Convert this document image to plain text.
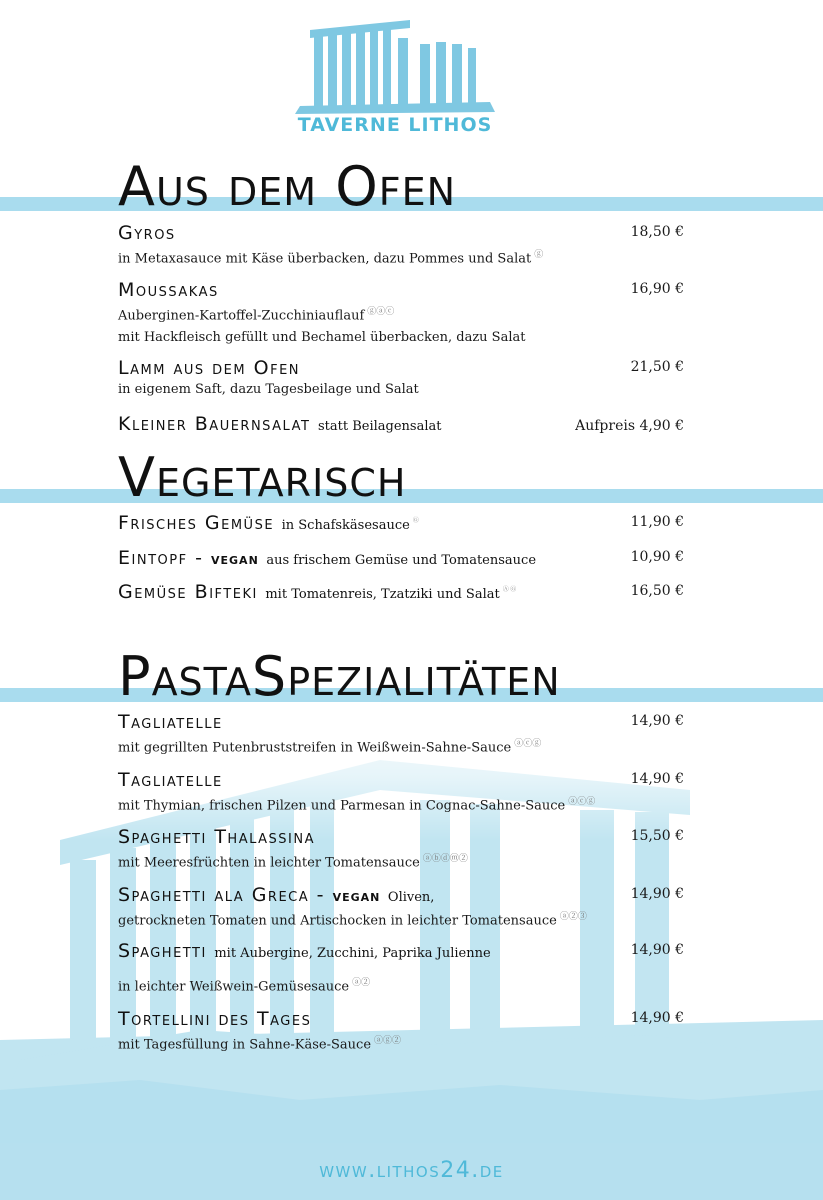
TAVERNE LITHOS
Aus dem Ofen
Gyros
in Metaxasauce mit Käse überbacken, dazu Pommes und Salat ⓖ
18,50 €
Moussakas
Auberginen-Kartoffel-Zucchiniauflauf ⓖⓐⓒ
mit Hackfleisch gefüllt und Bechamel überbacken, dazu Salat
16,90 €
Lamm aus dem Ofen
in eigenem Saft, dazu Tagesbeilage und Salat
21,50 €
Kleiner Bauernsalat statt Beilagensalat	Aufpreis 4,90 €
Vegetarisch
Frisches Gemüse in Schafskäsesauce ⓖ	11,90 €
Eintopf - vegan aus frischem Gemüse und Tomatensauce	10,90 €
Gemüse Bifteki mit Tomatenreis, Tzatziki und Salat ⓐⓖ	16,50 €
PastaSpezialitäten
Tagliatelle
mit gegrillten Putenbruststreifen in Weißwein-Sahne-Sauce ⓐⓒⓖ
14,90 €
Tagliatelle
mit Thymian, frischen Pilzen und Parmesan in Cognac-Sahne-Sauce ⓐⓒⓖ
14,90 €
Spaghetti Thalassina
mit Meeresfrüchten in leichter Tomatensauce ⓐⓑⓓⓜ②
15,50 €
Spaghetti ala Greca - vegan Oliven,
getrockneten Tomaten und Artischocken in leichter Tomatensauce ⓐ②③
14,90 €
Spaghetti mit Aubergine, Zucchini, Paprika Julienne
in leichter Weißwein-Gemüsesauce ⓐ②
14,90 €
Tortellini des Tages
mit Tagesfüllung in Sahne-Käse-Sauce ⓐⓖ②
14,90 €
www.lithos24.de
